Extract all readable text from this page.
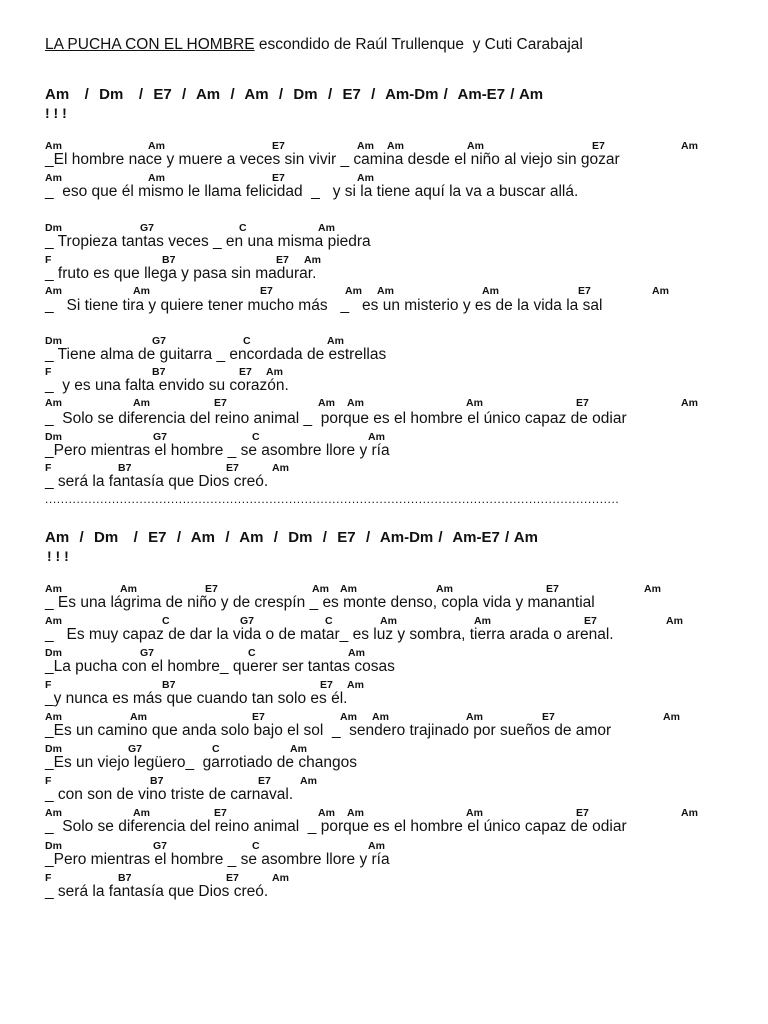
LA PUCHA CON EL HOMBRE escondido de Raúl Trullenque  y Cuti Carabajal
Am   /  Dm   /  E7  /  Am  /  Am  /  Dm  /  E7  /  Am-Dm /  Am-E7 / Am
! ! !
Am	Am	E7	Am Am	Am	E7	Am
_El hombre nace y muere a veces sin vivir _ camina desde el niño al viejo sin gozar
Am	Am	E7	Am
_  eso que él mismo le llama felicidad  _   y si la tiene aquí la va a buscar allá.
Dm	G7	C	Am
_ Tropieza tantas veces _ en una misma piedra
F	B7	E7 Am
_ fruto es que llega y pasa sin madurar.
Am	Am	E7	Am Am	Am	E7	Am
_   Si tiene tira y quiere tener mucho más   _   es un misterio y es de la vida la sal
Dm	G7	C	Am
_ Tiene alma de guitarra _ encordada de estrellas
F	B7	E7 Am
_  y es una falta envido su corazón.
Am	Am	E7	Am Am	Am	E7	Am
_  Solo se diferencia del reino animal _  porque es el hombre el único capaz de odiar
Dm	G7	C	Am
_Pero mientras el hombre _ se asombre llore y ría
F	B7	E7	Am
_ será la fantasía que Dios creó.
..................................................................................................................................................
Am  /  Dm   /  E7  /  Am  /  Am  /  Dm  /  E7  /  Am-Dm /  Am-E7 / Am
! ! !
Am	Am	E7	Am Am	Am	E7	Am
_ Es una lágrima de niño y de crespín _ es monte denso, copla vida y manantial
Am	C	G7	C	Am	Am	E7	Am
_   Es muy capaz de dar la vida o de matar_ es luz y sombra, tierra arada o arenal.
Dm	G7	C	Am
_La pucha con el hombre_ querer ser tantas cosas
F	B7	E7 Am
_y nunca es más que cuando tan solo es él.
Am	Am	E7	Am Am	Am	E7	Am
_Es un camino que anda solo bajo el sol  _  sendero trajinado por sueños de amor
Dm	G7	C	Am
_Es un viejo legüero_  garrotiado de changos
F	B7	E7	Am
_ con son de vino triste de carnaval.
Am	Am	E7	Am Am	Am	E7	Am
_  Solo se diferencia del reino animal  _ porque es el hombre el único capaz de odiar
Dm	G7	C	Am
_Pero mientras el hombre _ se asombre llore y ría
F	B7	E7	Am
_ será la fantasía que Dios creó.
